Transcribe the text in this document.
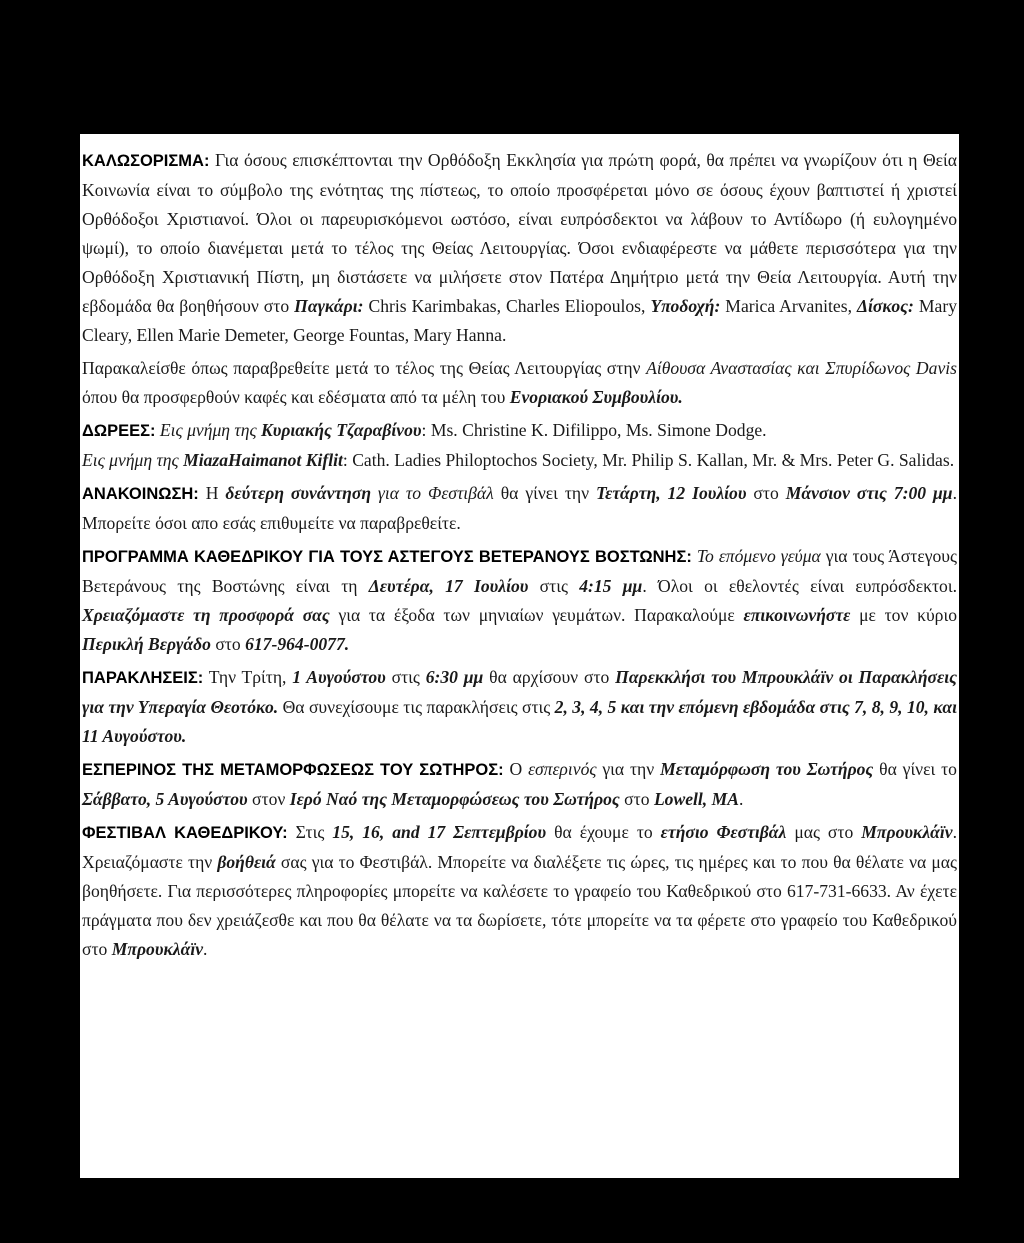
ΚΑΛΩΣΟΡΙΣΜΑ: Για όσους επισκέπτονται την Ορθόδοξη Εκκλησία για πρώτη φορά, θα πρέπει να γνωρίζουν ότι η Θεία Κοινωνία είναι το σύμβολο της ενότητας της πίστεως, το οποίο προσφέρεται μόνο σε όσους έχουν βαπτιστεί ή χριστεί Ορθόδοξοι Χριστιανοί. Όλοι οι παρευρισκόμενοι ωστόσο, είναι ευπρόσδεκτοι να λάβουν το Αντίδωρο (ή ευλογημένο ψωμί), το οποίο διανέμεται μετά το τέλος της Θείας Λειτουργίας. Όσοι ενδιαφέρεστε να μάθετε περισσότερα για την Ορθόδοξη Χριστιανική Πίστη, μη διστάσετε να μιλήσετε στον Πατέρα Δημήτριο μετά την Θεία Λειτουργία. Αυτή την εβδομάδα θα βοηθήσουν στο Παγκάρι: Chris Karimbakas, Charles Eliopoulos, Υποδοχή: Marica Arvanites, Δίσκος: Mary Cleary, Ellen Marie Demeter, George Fountas, Mary Hanna.

Παρακαλείσθε όπως παραβρεθείτε μετά το τέλος της Θείας Λειτουργίας στην Αίθουσα Αναστασίας και Σπυρίδωνος Davis όπου θα προσφερθούν καφές και εδέσματα από τα μέλη του Ενοριακού Συμβουλίου.

ΔΩΡΕΕΣ: Εις μνήμη της Κυριακής Τζαραβίνου: Ms. Christine K. Difilippo, Ms. Simone Dodge.
Εις μνήμη της MiazaHaimanot Kiflit: Cath. Ladies Philoptochos Society, Mr. Philip S. Kallan, Mr. & Mrs. Peter G. Salidas.

ΑΝΑΚΟΙΝΩΣΗ: Η δεύτερη συνάντηση για το Φεστιβάλ θα γίνει την Τετάρτη, 12 Ιουλίου στο Μάνσιον στις 7:00 μμ. Μπορείτε όσοι απο εσάς επιθυμείτε να παραβρεθείτε.

ΠΡΟΓΡΑΜΜΑ ΚΑΘΕΔΡΙΚΟΥ ΓΙΑ ΤΟΥΣ ΑΣΤΕΓΟΥΣ ΒΕΤΕΡΑΝΟΥΣ ΒΟΣΤΩΝΗΣ: Το επόμενο γεύμα για τους Άστεγους Βετεράνους της Βοστώνης είναι τη Δευτέρα, 17 Ιουλίου στις 4:15 μμ. Όλοι οι εθελοντές είναι ευπρόσδεκτοι. Χρειαζόμαστε τη προσφορά σας για τα έξοδα των μηνιαίων γευμάτων. Παρακαλούμε επικοινωνήστε με τον κύριο Περικλή Βεργάδο στο 617-964-0077.

ΠΑΡΑΚΛΗΣΕΙΣ: Την Τρίτη, 1 Αυγούστου στις 6:30 μμ θα αρχίσουν στο Παρεκκλήσι του Μπρουκλάϊν οι Παρακλήσεις για την Υπεραγία Θεοτόκο. Θα συνεχίσουμε τις παρακλήσεις στις 2, 3, 4, 5 και την επόμενη εβδομάδα στις 7, 8, 9, 10, και 11 Αυγούστου.

ΕΣΠΕΡΙΝΟΣ ΤΗΣ ΜΕΤΑΜΟΡΦΩΣΕΩΣ ΤΟΥ ΣΩΤΗΡΟΣ: Ο εσπερινός για την Μεταμόρφωση του Σωτήρος θα γίνει το Σάββατο, 5 Αυγούστου στον Ιερό Ναό της Μεταμορφώσεως του Σωτήρος στο Lowell, MA.

ΦΕΣΤΙΒΑΛ ΚΑΘΕΔΡΙΚΟΥ: Στις 15, 16, and 17 Σεπτεμβρίου θα έχουμε το ετήσιο Φεστιβάλ μας στο Μπρουκλάϊν. Χρειαζόμαστε την βοήθειά σας για το Φεστιβάλ. Μπορείτε να διαλέξετε τις ώρες, τις ημέρες και το που θα θέλατε να μας βοηθήσετε. Για περισσότερες πληροφορίες μπορείτε να καλέσετε το γραφείο του Καθεδρικού στο 617-731-6633. Αν έχετε πράγματα που δεν χρειάζεσθε και που θα θέλατε να τα δωρίσετε, τότε μπορείτε να τα φέρετε στο γραφείο του Καθεδρικού στο Μπρουκλάϊν.
